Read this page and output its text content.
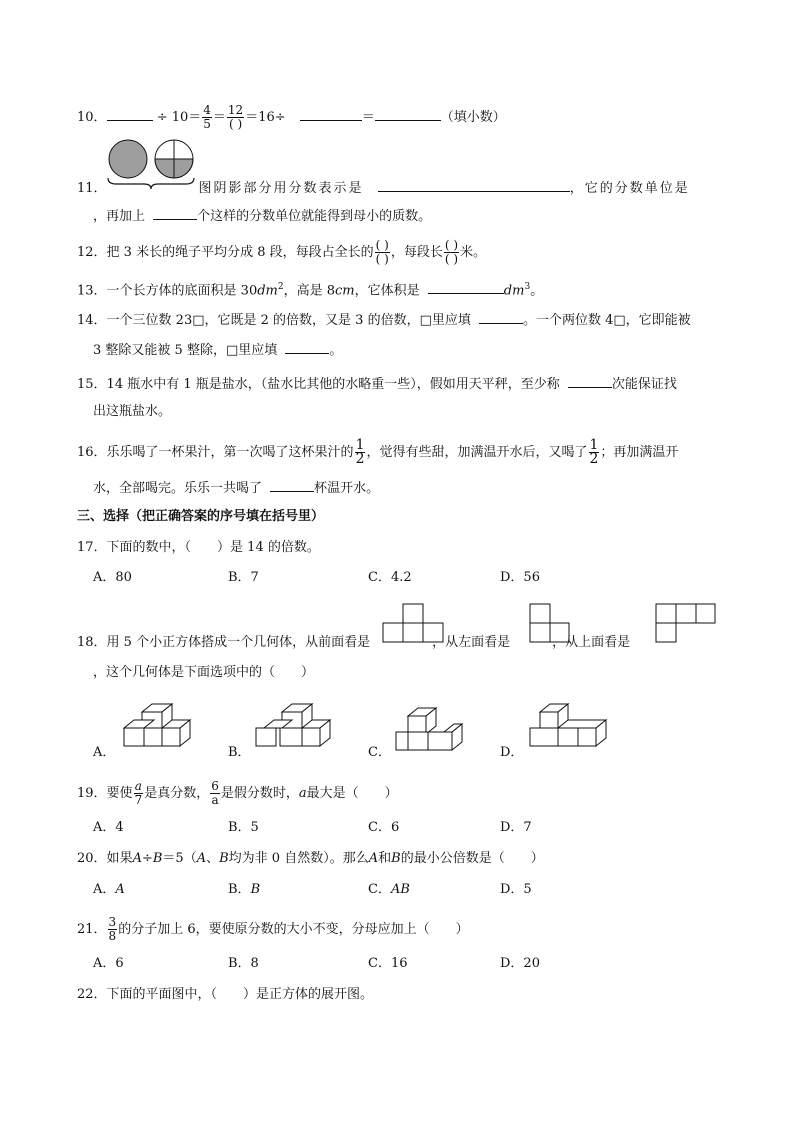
10．	÷ $10= \frac{4}{5} = \frac{12}{( )} =16\div$	＝	（填小数）
11．	图阴影部分用分数表示是	，它的分数单位是
，再加上	个这样的分数单位就能得到母小的质数。
12．把 3 米长的绳子平均分成 8 段，每段占全长的 $\frac{( )}{( )}$ ，每段长 $\frac{( )}{( )}$ 米。
13．一个长方体的底面积是 $30dm^2$，高是 8cm，它体积是	$dm^3$。
14．一个三位数 23□，它既是 2 的倍数，又是 3 的倍数，□里应填	。一个两位数 4□，它即能被
3 整除又能被 5 整除，□里应填	。
15．14 瓶水中有 1 瓶是盐水，（盐水比其他的水略重一些），假如用天平秤，至少称	次能保证找
出这瓶盐水。
16．乐乐喝了一杯果汁，第一次喝了这杯果汁的 $\frac{1}{2}$ ，觉得有些甜，加满温开水后，又喝了 $\frac{1}{2}$ ；再加满温开
水，全部喝完。乐乐一共喝了	杯温开水。
三、选择（把正确答案的序号填在括号里）
17．下面的数中，（　　）是 14 的倍数。
A．80	B．7	C．4.2	D．56
18．用 5 个小正方体搭成一个几何体，从前面看是	，从左面看是	，从上面看是
，这个几何体是下面选项中的（　　）
A．	B．	C．	D．
19．要使 $\frac{a}{7}$ 是真分数， $\frac{6}{a}$ 是假分数时，a最大是（　　）
A．4	B．5	C．6	D．7
20．如果A÷B＝5（A、B均为非 0 自然数）。那么A和B的最小公倍数是（　　）
A．A	B．B	C．AB	D．5
21． $\frac{3}{8}$ 的分子加上 6，要使原分数的大小不变，分母应加上（　　）
A．6	B．8	C．16	D．20
22．下面的平面图中，（　　）是正方体的展开图。
